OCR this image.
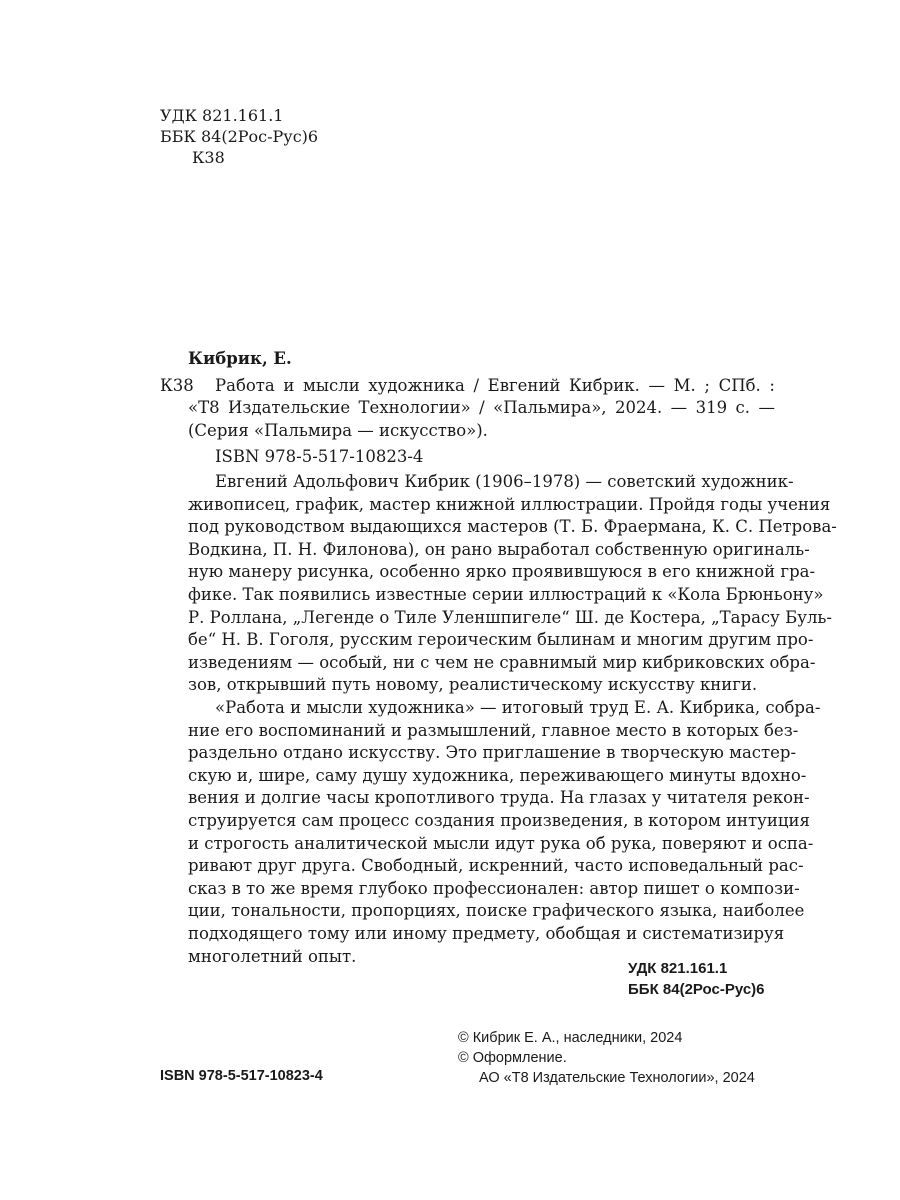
УДК 821.161.1
ББК 84(2Рос-Рус)6
К38
Кибрик, Е.
К38 Работа и мысли художника / Евгений Кибрик. — М. ; СПб. :
«Т8 Издательские Технологии» / «Пальмира», 2024. — 319 с. —
(Серия «Пальмира — искусство»).
ISBN 978-5-517-10823-4
Евгений Адольфович Кибрик (1906–1978) — советский художник-
живописец, график, мастер книжной иллюстрации. Пройдя годы учения
под руководством выдающихся мастеров (Т. Б. Фраермана, К. С. Петрова-
Водкина, П. Н. Филонова), он рано выработал собственную оригиналь-
ную манеру рисунка, особенно ярко проявившуюся в его книжной гра-
фике. Так появились известные серии иллюстраций к «Кола Брюньону»
Р. Роллана, „Легенде о Тиле Уленшпигеле“ Ш. де Костера, „Тарасу Буль-
бе“ Н. В. Гоголя, русским героическим былинам и многим другим про-
изведениям — особый, ни с чем не сравнимый мир кибриковских обра-
зов, открывший путь новому, реалистическому искусству книги.
«Работа и мысли художника» — итоговый труд Е. А. Кибрика, собра-
ние его воспоминаний и размышлений, главное место в которых без-
раздельно отдано искусству. Это приглашение в творческую мастер-
скую и, шире, саму душу художника, переживающего минуты вдохно-
вения и долгие часы кропотливого труда. На глазах у читателя рекон-
струируется сам процесс создания произведения, в котором интуиция
и строгость аналитической мысли идут рука об рука, поверяют и оспа-
ривают друг друга. Свободный, искренний, часто исповедальный рас-
сказ в то же время глубоко профессионален: автор пишет о компози-
ции, тональности, пропорциях, поиске графического языка, наиболее
подходящего тому или иному предмету, обобщая и систематизируя
многолетний опыт.
УДК 821.161.1
ББК 84(2Рос-Рус)6
© Кибрик Е. А., наследники, 2024
© Оформление.
АО «Т8 Издательские Технологии», 2024
ISBN 978-5-517-10823-4
